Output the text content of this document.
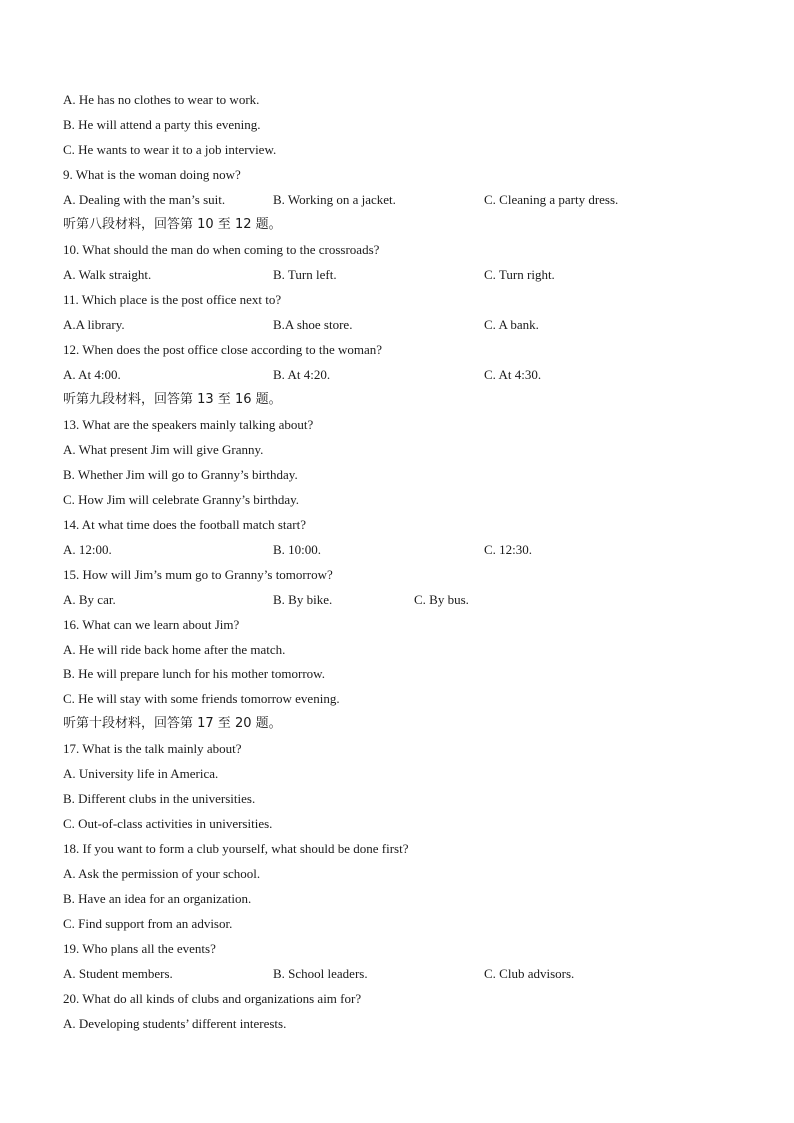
A. He has no clothes to wear to work.
B. He will attend a party this evening.
C. He wants to wear it to a job interview.
9. What is the woman doing now?
A. Dealing with the man’s suit.	B. Working on a jacket.	C. Cleaning a party dress.
听第八段材料，回答第 10 至 12 题。
10. What should the man do when coming to the crossroads?
A. Walk straight.	B. Turn left.	C. Turn right.
11. Which place is the post office next to?
A.A library.	B.A shoe store.	C. A bank.
12. When does the post office close according to the woman?
A. At 4:00.	B. At 4:20.	C. At 4:30.
听第九段材料，回答第 13 至 16 题。
13. What are the speakers mainly talking about?
A. What present Jim will give Granny.
B. Whether Jim will go to Granny’s birthday.
C. How Jim will celebrate Granny’s birthday.
14. At what time does the football match start?
A. 12:00.	B. 10:00.	C. 12:30.
15. How will Jim’s mum go to Granny’s tomorrow?
A. By car.	B. By bike.	C. By bus.
16. What can we learn about Jim?
A. He will ride back home after the match.
B. He will prepare lunch for his mother tomorrow.
C. He will stay with some friends tomorrow evening.
听第十段材料，回答第 17 至 20 题。
17. What is the talk mainly about?
A. University life in America.
B. Different clubs in the universities.
C. Out-of-class activities in universities.
18. If you want to form a club yourself, what should be done first?
A. Ask the permission of your school.
B. Have an idea for an organization.
C. Find support from an advisor.
19. Who plans all the events?
A. Student members.	B. School leaders.	C. Club advisors.
20. What do all kinds of clubs and organizations aim for?
A. Developing students’ different interests.
